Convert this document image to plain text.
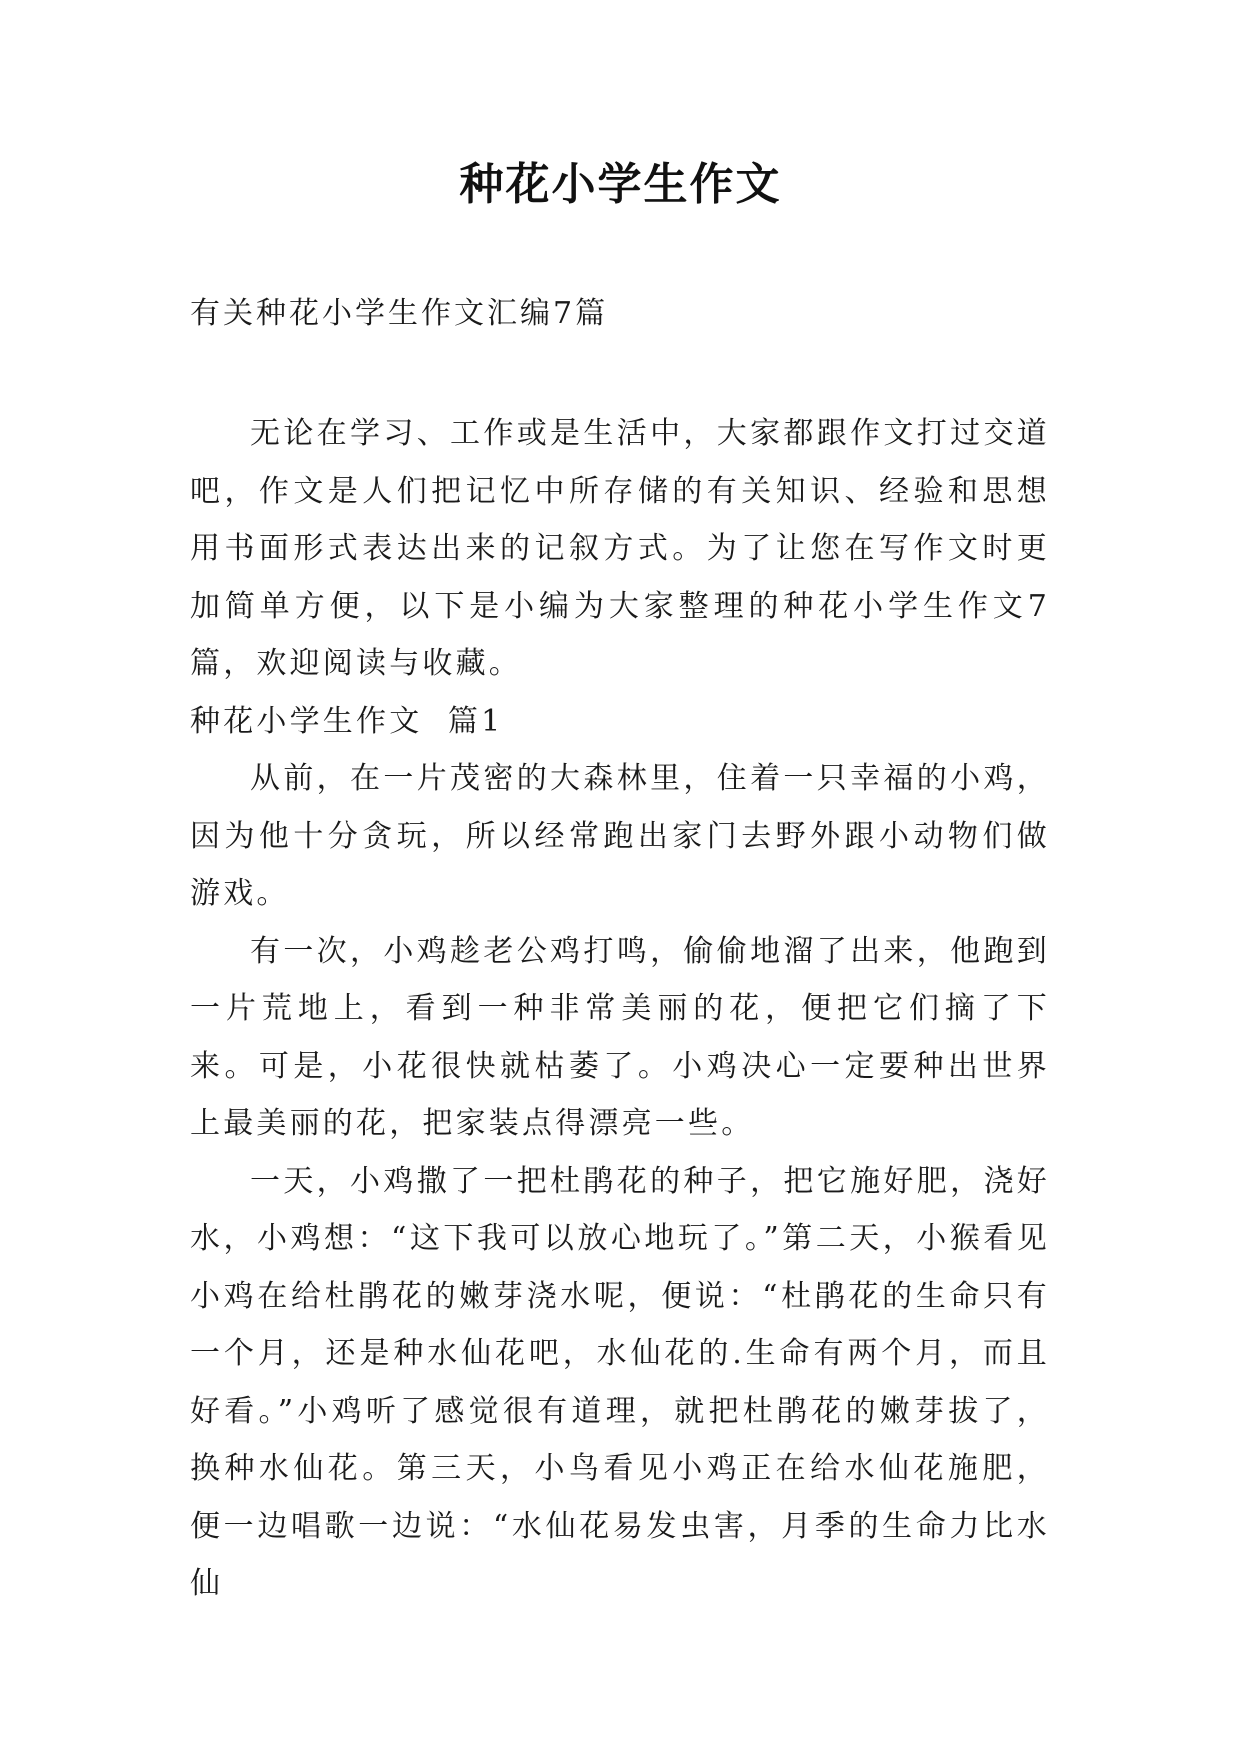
种花小学生作文
有关种花小学生作文汇编7篇

无论在学习、工作或是生活中，大家都跟作文打过交道吧，作文是人们把记忆中所存储的有关知识、经验和思想用书面形式表达出来的记叙方式。为了让您在写作文时更加简单方便，以下是小编为大家整理的种花小学生作文7篇，欢迎阅读与收藏。

种花小学生作文  篇1

从前，在一片茂密的大森林里，住着一只幸福的小鸡，因为他十分贪玩，所以经常跑出家门去野外跟小动物们做游戏。

有一次，小鸡趁老公鸡打鸣，偷偷地溜了出来，他跑到一片荒地上，看到一种非常美丽的花，便把它们摘了下来。可是，小花很快就枯萎了。小鸡决心一定要种出世界上最美丽的花，把家装点得漂亮一些。

一天，小鸡撒了一把杜鹃花的种子，把它施好肥，浇好水，小鸡想：“这下我可以放心地玩了。”第二天，小猴看见小鸡在给杜鹃花的嫩芽浇水呢，便说：“杜鹃花的生命只有一个月，还是种水仙花吧，水仙花的.生命有两个月，而且好看。”小鸡听了感觉很有道理，就把杜鹃花的嫩芽拔了，换种水仙花。第三天，小鸟看见小鸡正在给水仙花施肥，便一边唱歌一边说：“水仙花易发虫害，月季的生命力比水仙
